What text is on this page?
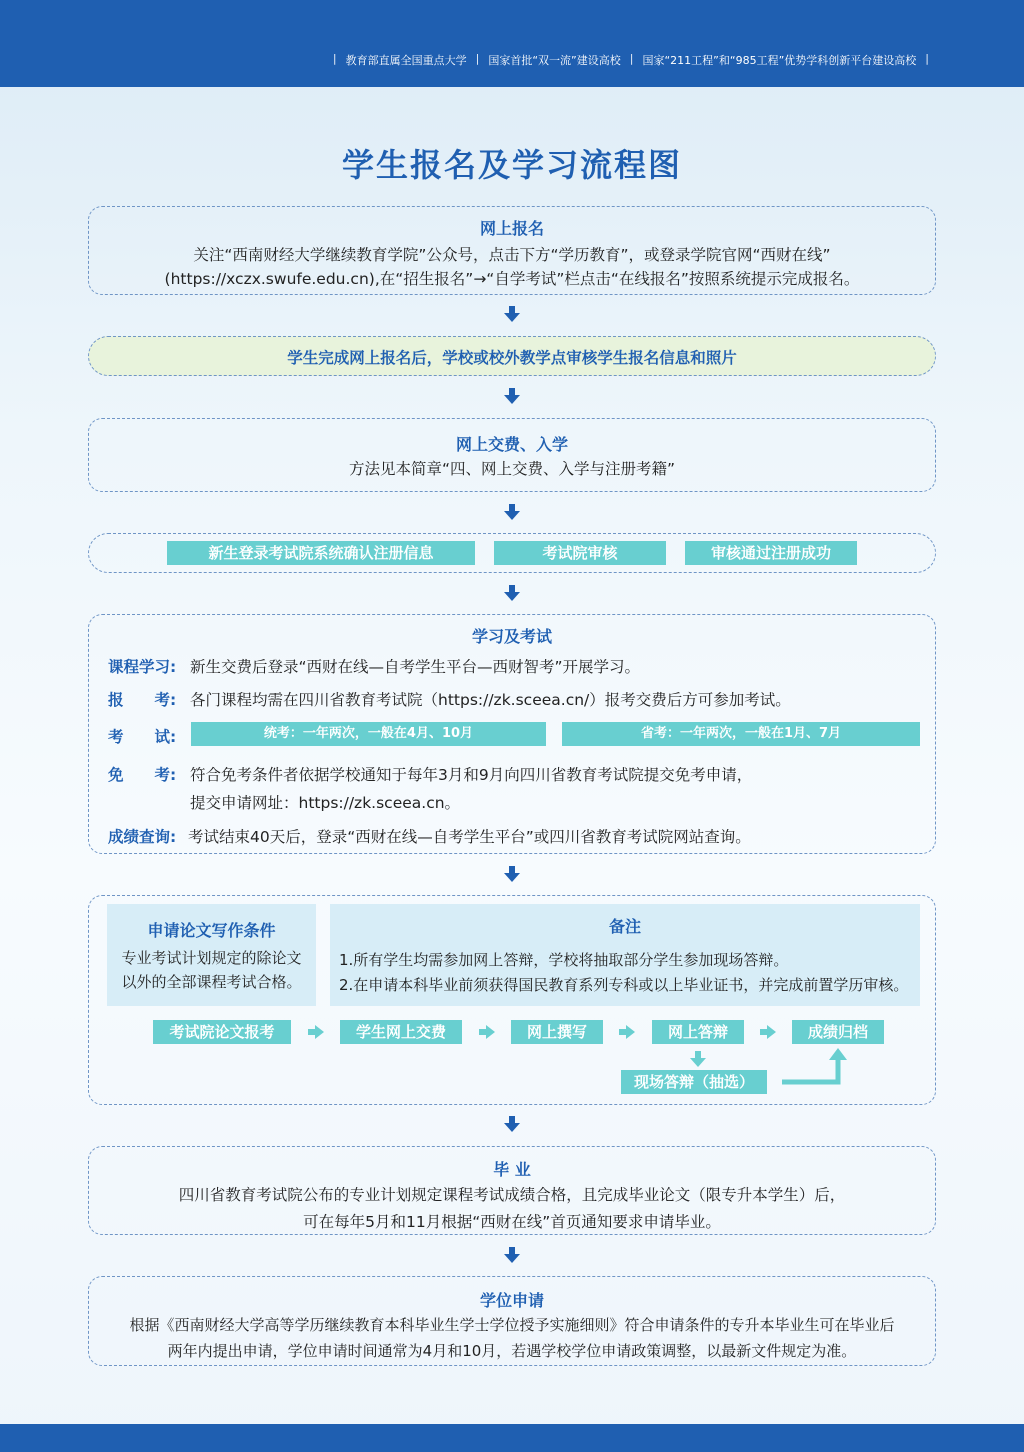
| 教育部直属全国重点大学 | 国家首批“双一流”建设高校 | 国家“211工程”和“985工程”优势学科创新平台建设高校 |
学生报名及学习流程图
网上报名
关注“西南财经大学继续教育学院”公众号，点击下方“学历教育”，或登录学院官网“西财在线”
(https://xczx.swufe.edu.cn),在“招生报名”→“自学考试”栏点击“在线报名”按照系统提示完成报名。
学生完成网上报名后，学校或校外教学点审核学生报名信息和照片
网上交费、入学
方法见本简章“四、网上交费、入学与注册考籍”
新生登录考试院系统确认注册信息	考试院审核	审核通过注册成功
学习及考试
课程学习: 新生交费后登录“西财在线—自考学生平台—西财智考”开展学习。
报　　考: 各门课程均需在四川省教育考试院（https://zk.sceea.cn/）报考交费后方可参加考试。
考　　试:	统考：一年两次，一般在4月、10月	省考：一年两次，一般在1月、7月
免　　考: 符合免考条件者依据学校通知于每年3月和9月向四川省教育考试院提交免考申请，
提交申请网址：https://zk.sceea.cn。
成绩查询: 考试结束40天后，登录“西财在线—自考学生平台”或四川省教育考试院网站查询。
申请论文写作条件
专业考试计划规定的除论文
以外的全部课程考试合格。
备注
1.所有学生均需参加网上答辩，学校将抽取部分学生参加现场答辩。
2.在申请本科毕业前须获得国民教育系列专科或以上毕业证书，并完成前置学历审核。
考试院论文报考	学生网上交费	网上撰写	网上答辩	成绩归档
现场答辩（抽选）
毕 业
四川省教育考试院公布的专业计划规定课程考试成绩合格，且完成毕业论文（限专升本学生）后，
可在每年5月和11月根据“西财在线”首页通知要求申请毕业。
学位申请
根据《西南财经大学高等学历继续教育本科毕业生学士学位授予实施细则》符合申请条件的专升本毕业生可在毕业后
两年内提出申请，学位申请时间通常为4月和10月，若遇学校学位申请政策调整，以最新文件规定为准。
